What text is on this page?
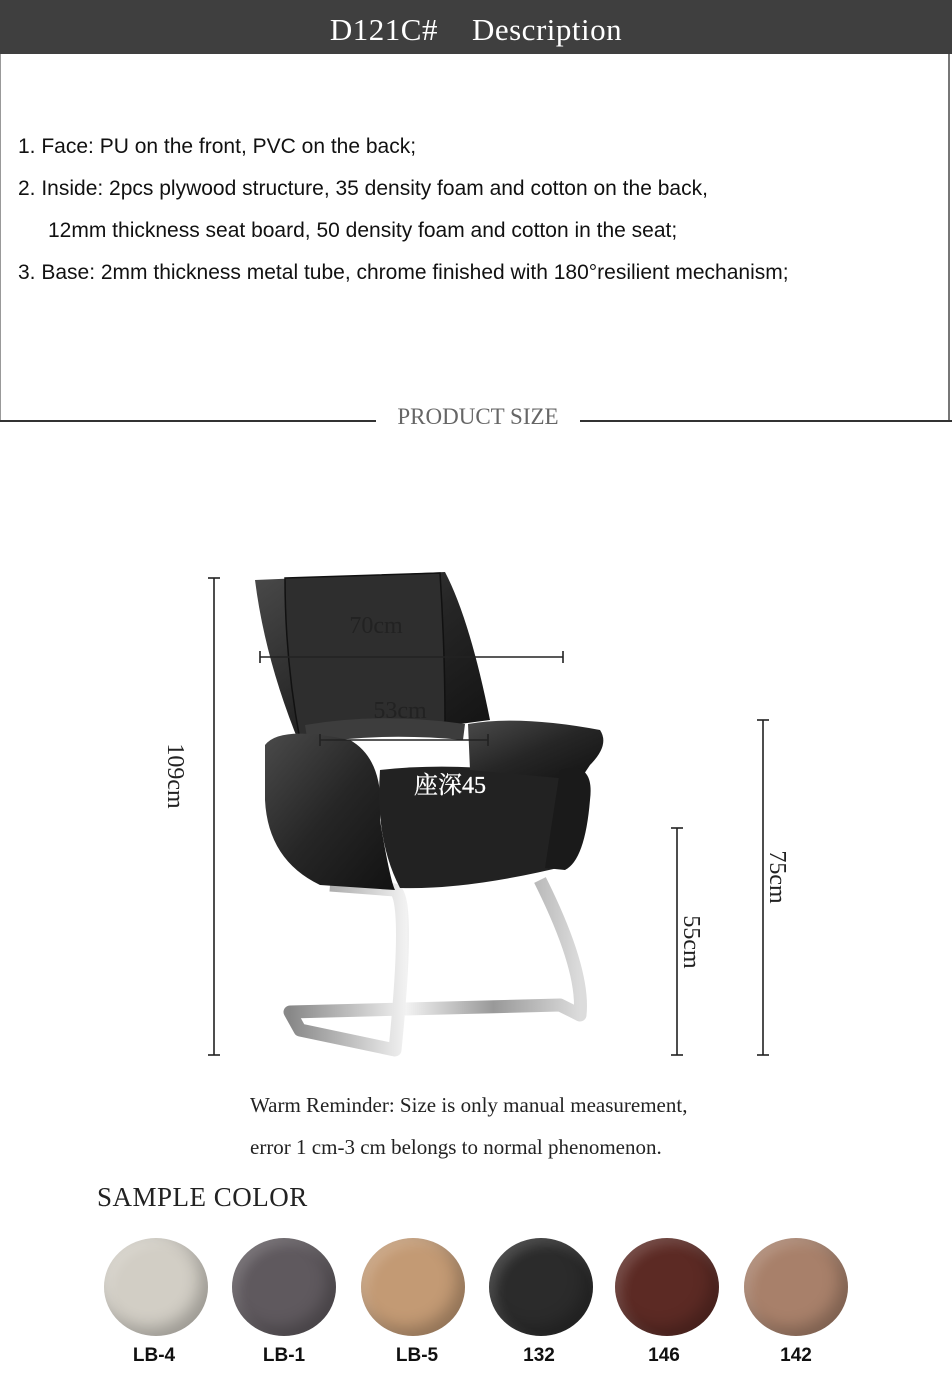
D121C# Description
1. Face: PU on the front, PVC on the back;
2. Inside: 2pcs plywood structure, 35 density foam and cotton on the back,
12mm thickness seat board, 50 density foam and cotton in the seat;
3. Base: 2mm thickness metal tube, chrome finished with 180°resilient mechanism;
PRODUCT SIZE
70cm
53cm
座深45
109cm
75cm
55cm
Warm Reminder: Size is only manual measurement,
error 1 cm-3 cm belongs to normal phenomenon.
SAMPLE COLOR
LB-4	LB-1	LB-5	132	146	142
